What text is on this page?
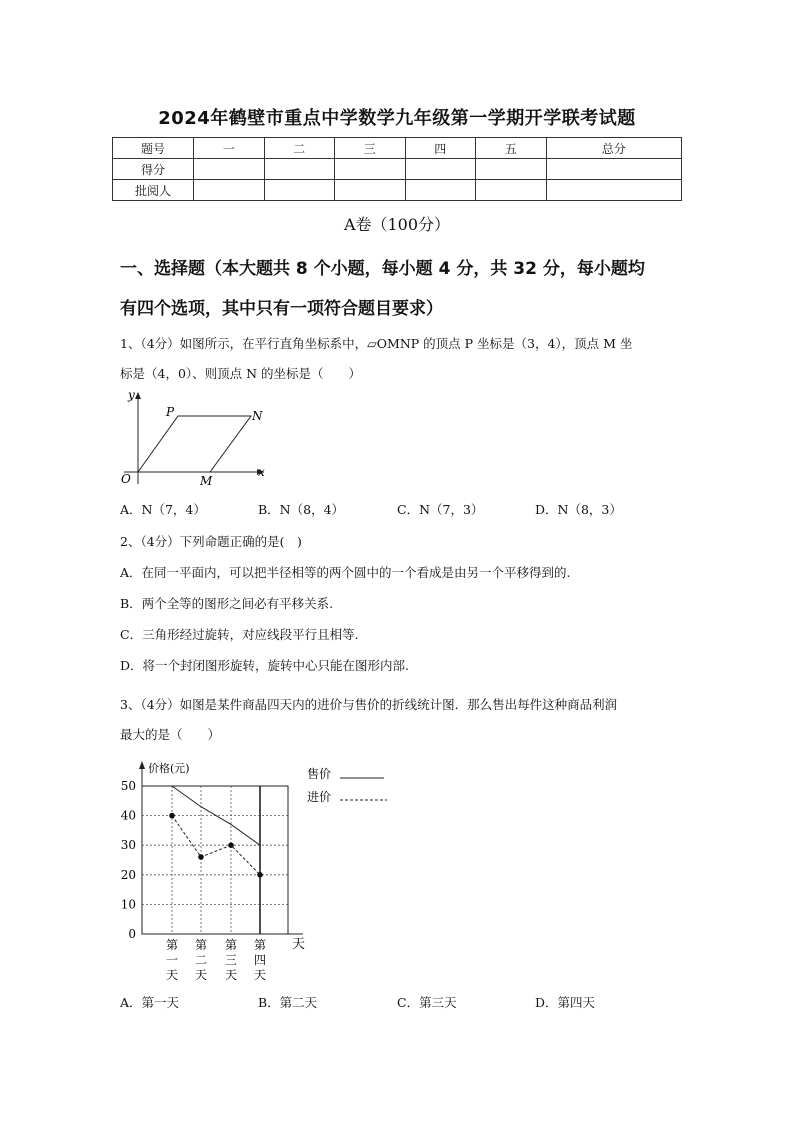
2024年鹤壁市重点中学数学九年级第一学期开学联考试题
题号	一	二	三	四	五	总分
得分						
批阅人						
A卷（100分）
一、选择题（本大题共 8 个小题，每小题 4 分，共 32 分，每小题均
有四个选项，其中只有一项符合题目要求）
1、（4分）如图所示，在平行直角坐标系中，▱OMNP 的顶点 P 坐标是（3，4），顶点 M 坐
标是（4，0）、则顶点 N 的坐标是（　　）
y
x
O
P	N
M
A．N（7，4）	B．N（8，4）	C．N（7，3）	D．N（8，3）
2、（4分）下列命题正确的是(　)
A．在同一平面内，可以把半径相等的两个圆中的一个看成是由另一个平移得到的.
B．两个全等的图形之间必有平移关系.
C．三角形经过旋转，对应线段平行且相等.
D．将一个封闭图形旋转，旋转中心只能在图形内部.
3、（4分）如图是某件商晶四天内的进价与售价的折线统计图．那么售出每件这种商品利润
最大的是（　　）
0
10
20
30
40
50
第
一
天
第
二
天
第
三
天
第
四
天
价格(元)
天
售价
进价
A．第一天	B．第二天	C．第三天	D．第四天
